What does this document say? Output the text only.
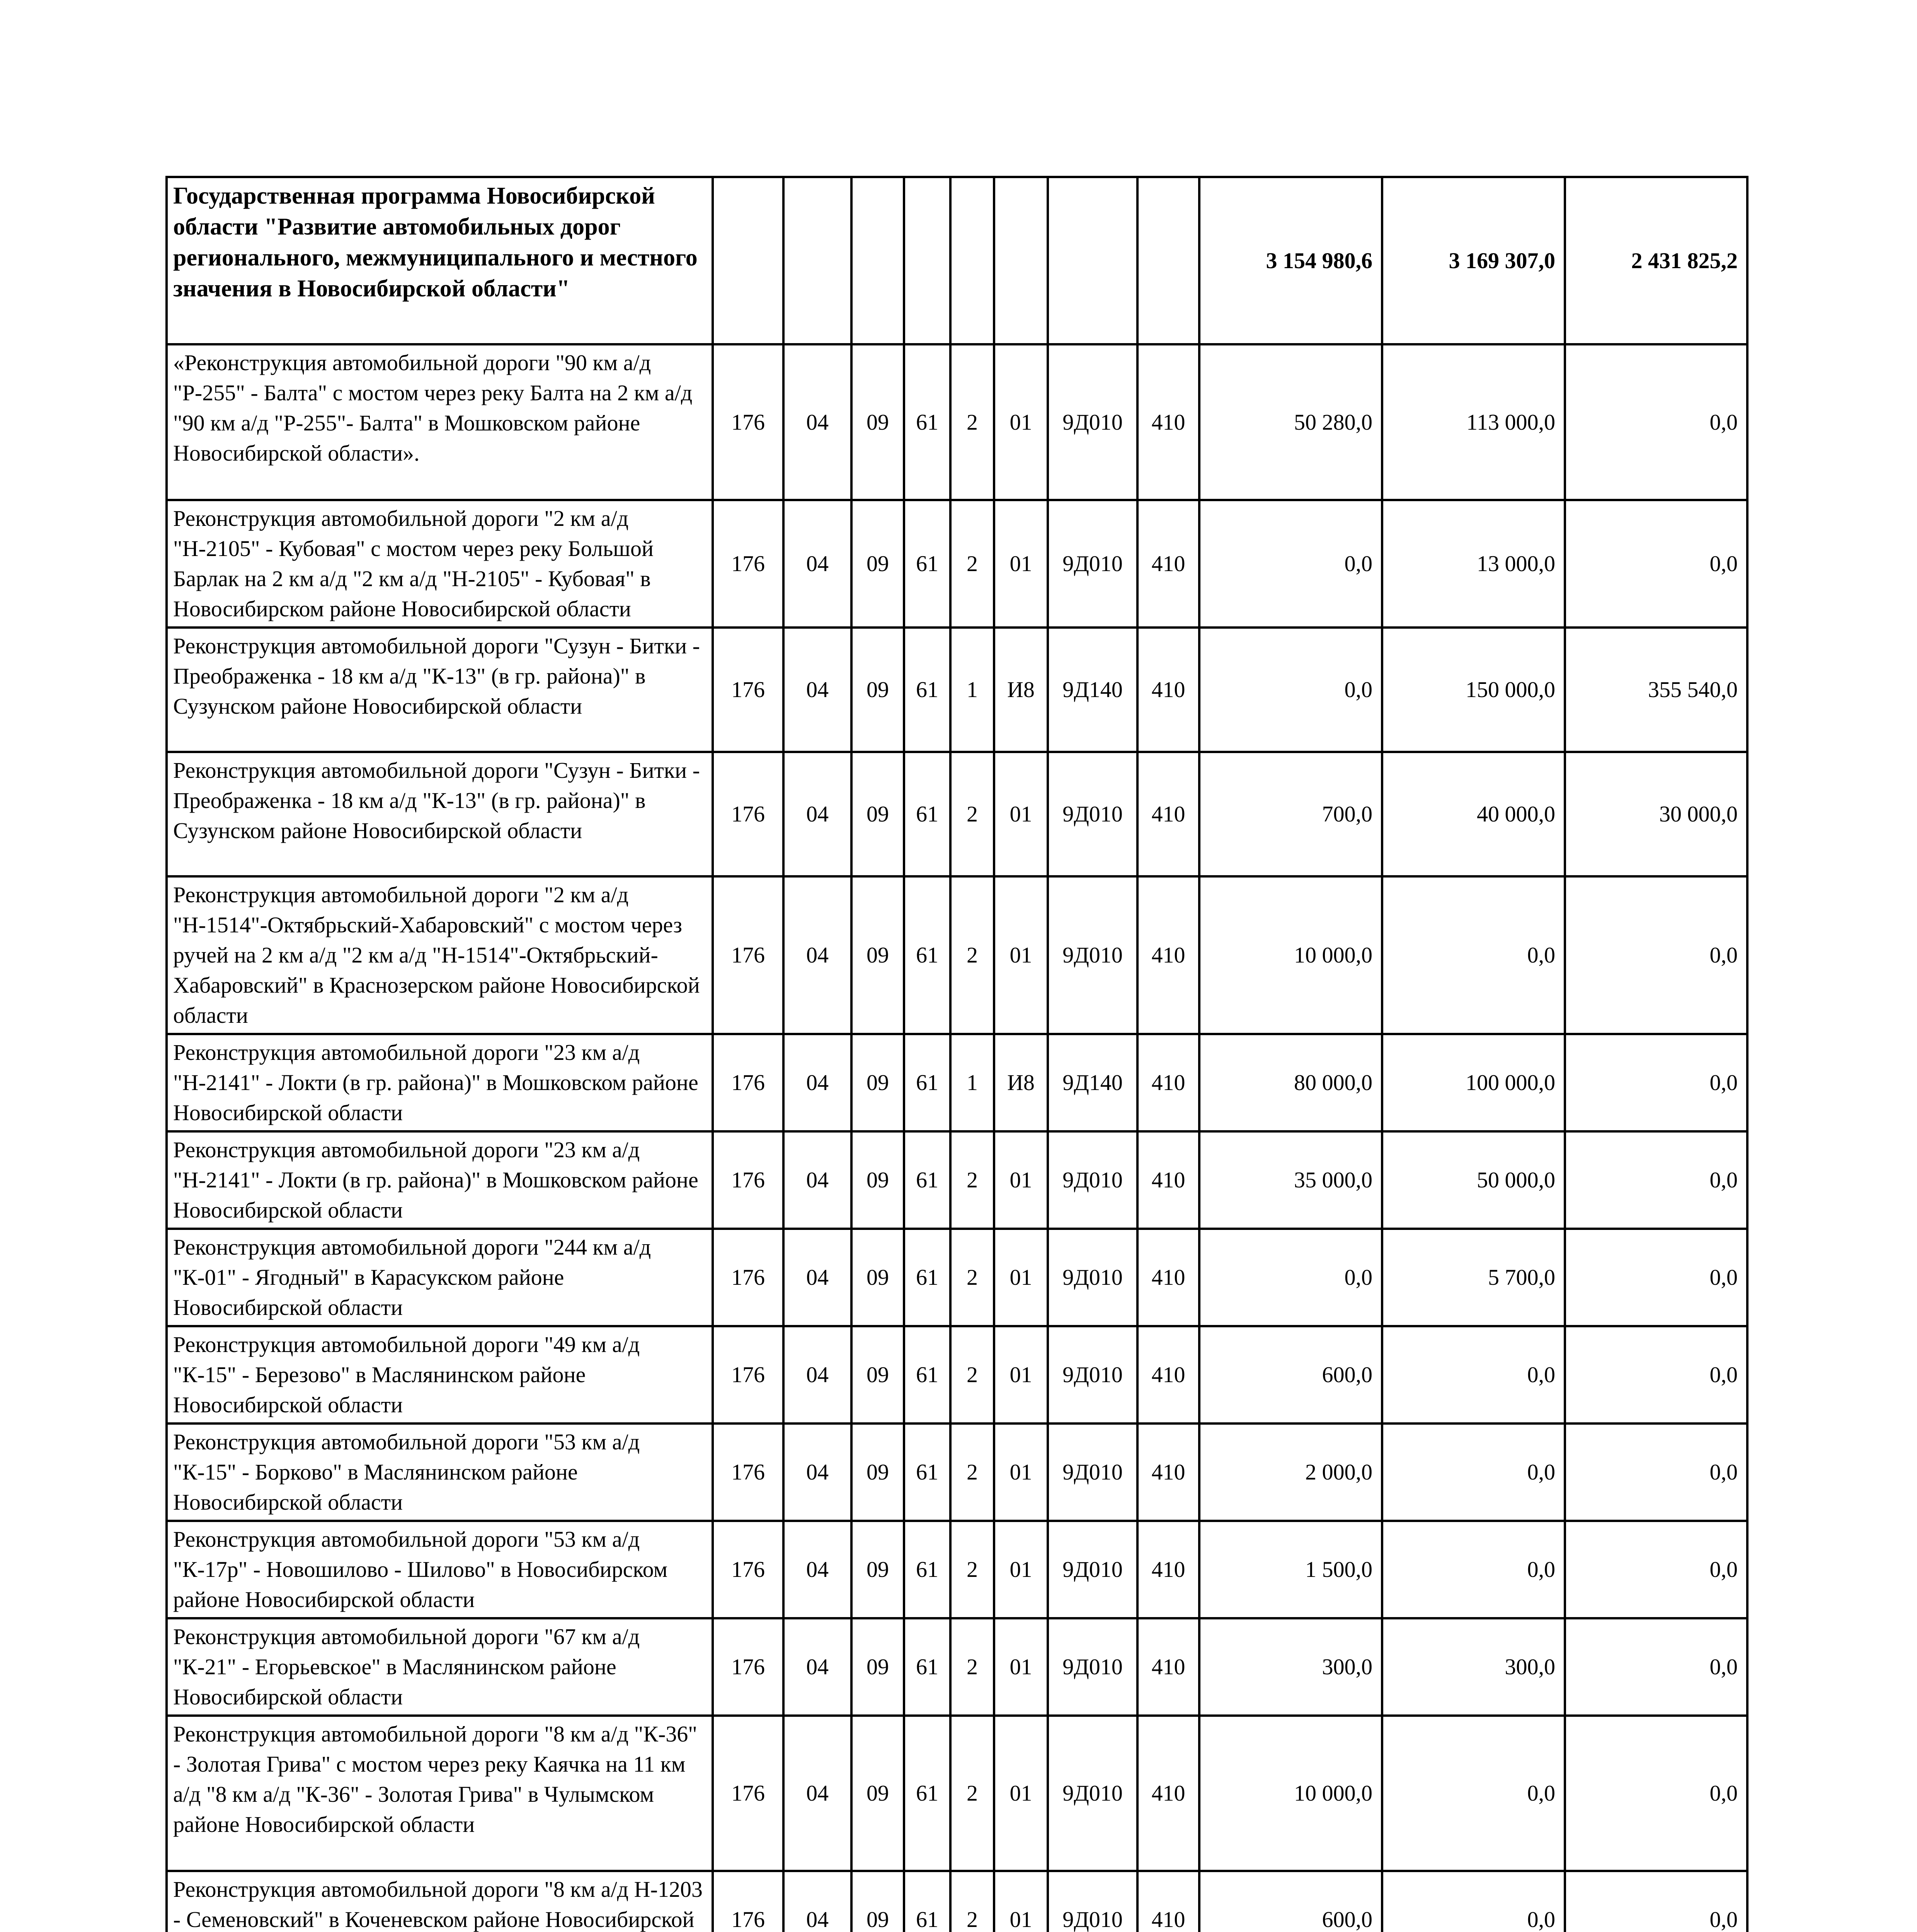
Государственная программа Новосибирской области "Развитие автомобильных дорог регионального, межмуниципального и местного значения в Новосибирской области"									3 154 980,6	3 169 307,0	2 431 825,2
«Реконструкция автомобильной дороги "90 км а/д "Р-255" - Балта" с мостом через реку Балта на 2 км а/д "90 км а/д "Р-255"- Балта" в Мошковском районе Новосибирской области».	176	04	09	61	2	01	9Д010	410	50 280,0	113 000,0	0,0
Реконструкция автомобильной дороги "2 км а/д "Н-2105" - Кубовая" с мостом через реку Большой Барлак на 2 км а/д "2 км а/д "Н-2105" - Кубовая" в Новосибирском районе Новосибирской области	176	04	09	61	2	01	9Д010	410	0,0	13 000,0	0,0
Реконструкция автомобильной дороги "Сузун - Битки - Преображенка - 18 км а/д "К-13" (в гр. района)" в Сузунском районе Новосибирской области	176	04	09	61	1	И8	9Д140	410	0,0	150 000,0	355 540,0
Реконструкция автомобильной дороги "Сузун - Битки - Преображенка - 18 км а/д "К-13" (в гр. района)" в Сузунском районе Новосибирской области	176	04	09	61	2	01	9Д010	410	700,0	40 000,0	30 000,0
Реконструкция автомобильной дороги "2 км а/д "Н-1514"-Октябрьский-Хабаровский" с мостом через ручей на 2 км а/д "2 км а/д "Н-1514"-Октябрьский-Хабаровский" в Краснозерском районе Новосибирской области	176	04	09	61	2	01	9Д010	410	10 000,0	0,0	0,0
Реконструкция автомобильной дороги "23 км а/д "Н-2141" - Локти (в гр. района)" в Мошковском районе Новосибирской области	176	04	09	61	1	И8	9Д140	410	80 000,0	100 000,0	0,0
Реконструкция автомобильной дороги "23 км а/д "Н-2141" - Локти (в гр. района)" в Мошковском районе Новосибирской области	176	04	09	61	2	01	9Д010	410	35 000,0	50 000,0	0,0
Реконструкция автомобильной дороги "244 км а/д "К-01" - Ягодный" в Карасукском районе Новосибирской области	176	04	09	61	2	01	9Д010	410	0,0	5 700,0	0,0
Реконструкция автомобильной дороги "49 км а/д "К-15" - Березово" в Маслянинском районе Новосибирской области	176	04	09	61	2	01	9Д010	410	600,0	0,0	0,0
Реконструкция автомобильной дороги "53 км а/д "К-15" - Борково" в Маслянинском районе Новосибирской области	176	04	09	61	2	01	9Д010	410	2 000,0	0,0	0,0
Реконструкция автомобильной дороги "53 км а/д "К-17р" - Новошилово - Шилово" в Новосибирском районе Новосибирской области	176	04	09	61	2	01	9Д010	410	1 500,0	0,0	0,0
Реконструкция автомобильной дороги "67 км а/д "К-21" - Егорьевское" в Маслянинском районе Новосибирской области	176	04	09	61	2	01	9Д010	410	300,0	300,0	0,0
Реконструкция автомобильной дороги "8 км а/д "К-36" - Золотая Грива" с мостом через реку Каячка на 11 км а/д "8 км а/д "К-36" - Золотая Грива" в Чулымском районе Новосибирской области	176	04	09	61	2	01	9Д010	410	10 000,0	0,0	0,0
Реконструкция автомобильной дороги "8 км а/д Н-1203 - Семеновский" в Коченевском районе Новосибирской	176	04	09	61	2	01	9Д010	410	600,0	0,0	0,0
